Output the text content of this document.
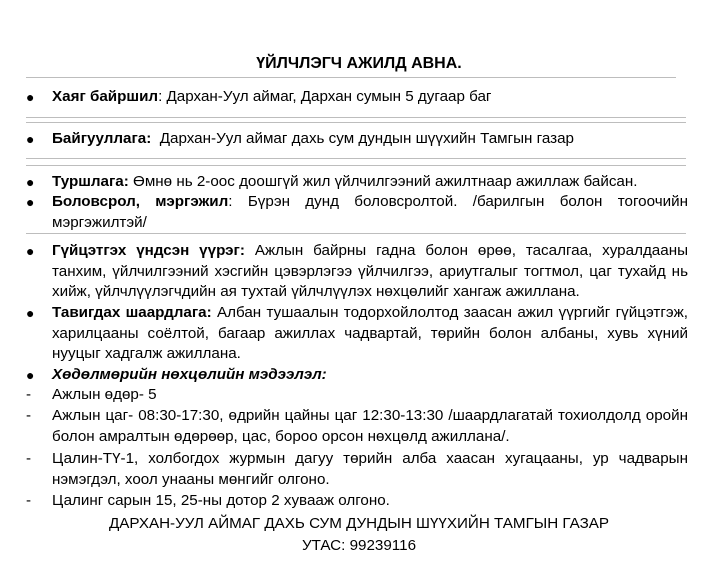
ҮЙЛЧЛЭГЧ АЖИЛД АВНА.
●	Хаяг байршил: Дархан-Уул аймаг, Дархан сумын 5 дугаар баг
●	Байгууллага: Дархан-Уул аймаг дахь сум дундын шүүхийн Тамгын газар
●	Туршлага: Өмнө нь 2-оос доошгүй жил үйлчилгээний ажилтнаар ажиллаж байсан.
●	Боловсрол, мэргэжил: Бүрэн дунд боловсролтой. /барилгын болон тогоочийн мэргэжилтэй/
●	Гүйцэтгэх үндсэн үүрэг: Ажлын байрны гадна болон өрөө, тасалгаа, хуралдааны танхим, үйлчилгээний хэсгийн цэвэрлэгээ үйлчилгээ, ариутгалыг тогтмол, цаг тухайд нь хийж, үйлчлүүлэгчдийн ая тухтай үйлчлүүлэх нөхцөлийг хангаж ажиллана.
●	Тавигдах шаардлага: Албан тушаалын тодорхойлолтод заасан ажил үүргийг гүйцэтгэж, харилцааны соёлтой, багаар ажиллах чадвартай, төрийн болон албаны, хувь хүний нууцыг хадгалж ажиллана.
●	Хөдөлмөрийн нөхцөлийн мэдээлэл:
-	Ажлын өдөр- 5
-	Ажлын цаг- 08:30-17:30, өдрийн цайны цаг 12:30-13:30 /шаардлагатай тохиолдолд оройн болон амралтын өдөрөөр, цас, бороо орсон нөхцөлд ажиллана/.
-	Цалин-ТҮ-1, холбогдох журмын дагуу төрийн алба хаасан хугацааны, ур чадварын нэмэгдэл, хоол унааны мөнгийг олгоно.
-	Цалинг сарын 15, 25-ны дотор 2 хувааж олгоно.
ДАРХАН-УУЛ АЙМАГ ДАХЬ СУМ ДУНДЫН ШҮҮХИЙН ТАМГЫН ГАЗАР
УТАС: 99239116
